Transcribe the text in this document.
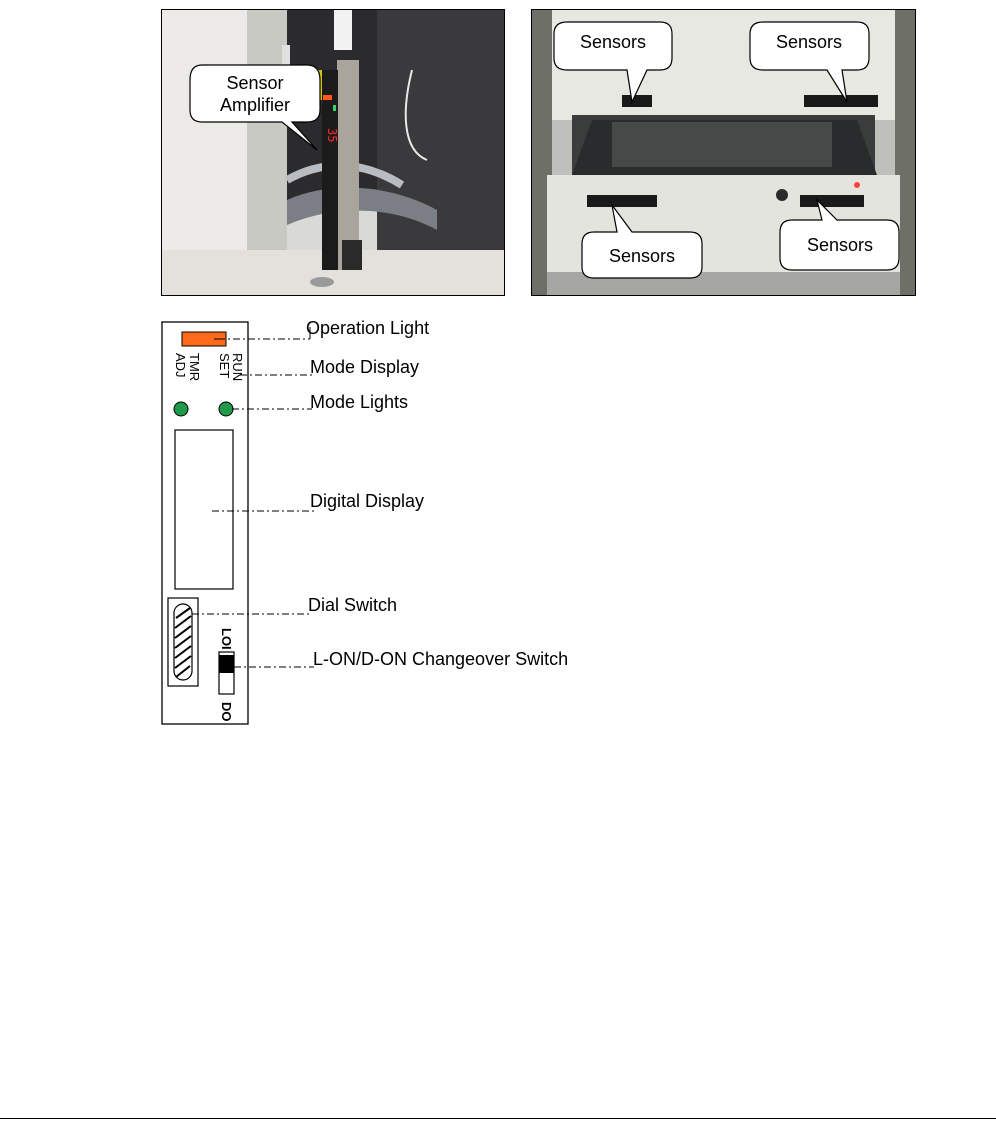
35
Sensor
Amplifier
Sensors	Sensors
Sensors
Sensors
TMR
ADJ	RUN
SET
LOI
DO
Operation Light
Mode Display
Mode Lights
Digital Display
Dial Switch
L-ON/D-ON Changeover Switch
